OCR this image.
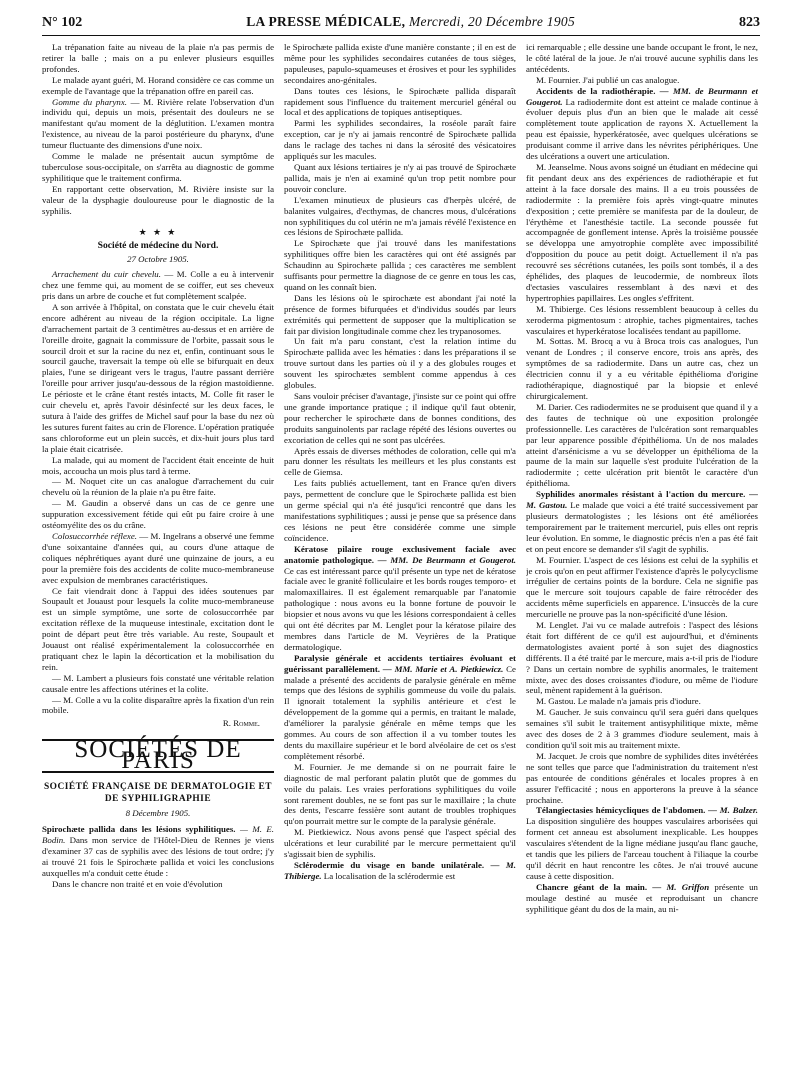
N° 102	LA PRESSE MÉDICALE, Mercredi, 20 Décembre 1905	823

La trépanation faite au niveau de la plaie n'a pas permis de retirer la balle ; mais on a pu enlever plusieurs esquilles profondes.

Le malade ayant guéri, M. Horand considère ce cas comme un exemple de l'avantage que la trépanation offre en pareil cas.

Gomme du pharynx. — M. Rivière relate l'observation d'un individu qui, depuis un mois, présentait des douleurs ne se manifestant qu'au moment de la déglutition. L'examen montra l'existence, au niveau de la paroi postérieure du pharynx, d'une tumeur fluctuante des dimensions d'une noix.

Comme le malade ne présentait aucun symptôme de tuberculose sous-occipitale, on s'arrêta au diagnostic de gomme syphilitique que le traitement confirma.

En rapportant cette observation, M. Rivière insiste sur la valeur de la dysphagie douloureuse pour le diagnostic de la syphilis.

★ ★ ★
Société de médecine du Nord.
27 Octobre 1905.

Arrachement du cuir chevelu. — M. Colle a eu à intervenir chez une femme qui, au moment de se coiffer, eut ses cheveux pris dans un arbre de couche et fut complètement scalpée.

A son arrivée à l'hôpital, on constata que le cuir chevelu était encore adhérent au niveau de la région occipitale. La ligne d'arrachement partait de 3 centimètres au-dessus et en arrière de l'oreille droite, gagnait la commissure de l'orbite, passait sous le sourcil droit et sur la racine du nez et, enfin, continuant sous le sourcil gauche, traversait la tempe où elle se bifurquait en deux plaies, l'une se dirigeant vers le tragus, l'autre passant derrière l'oreille pour arriver jusqu'au-dessous de la région mastoïdienne. Le périoste et le crâne étant restés intacts, M. Colle fit raser le cuir chevelu et, après l'avoir désinfecté sur les deux faces, le sutura à l'aide des griffes de Michel sauf pour la base du nez où les sutures furent faites au crin de Florence. L'opération pratiquée sans chloroforme eut un plein succès, et dix-huit jours plus tard la plaie était cicatrisée.

La malade, qui au moment de l'accident était enceinte de huit mois, accoucha un mois plus tard à terme.

— M. Noquet cite un cas analogue d'arrachement du cuir chevelu où la réunion de la plaie n'a pu être faite.

— M. Gaudin a observé dans un cas de ce genre une suppuration excessivement fétide qui eût pu faire croire à une ostéomyélite des os du crâne.

Colosuccorrhée réflexe. — M. Ingelrans a observé une femme d'une soixantaine d'années qui, au cours d'une attaque de coliques néphrétiques ayant duré une quinzaine de jours, a eu pour la première fois des accidents de colite muco-membraneuse avec expulsion de membranes caractéristiques.

Ce fait viendrait donc à l'appui des idées soutenues par Soupault et Jouaust pour lesquels la colite muco-membraneuse est un simple symptôme, une sorte de colosuccorrhée par excitation réflexe de la muqueuse intestinale, excitation dont le point de départ peut être très variable. Au reste, Soupault et Jouaust ont réalisé expérimentalement la colosuccorrhée en pratiquant chez le lapin la décortication et la mobilisation du rein.

— M. Lambert a plusieurs fois constaté une véritable relation causale entre les affections utérines et la colite.

— M. Colle a vu la colite disparaître après la fixation d'un rein mobile.

R. Romme.
SOCIÉTÉS DE PARIS
SOCIÉTÉ FRANÇAISE DE DERMATOLOGIE ET DE SYPHILIGRAPHIE
8 Décembre 1905.

Spirochæte pallida dans les lésions syphilitiques. — M. E. Bodin. Dans mon service de l'Hôtel-Dieu de Rennes je viens d'examiner 37 cas de syphilis avec des lésions de tout ordre; j'y ai trouvé 21 fois le Spirochæte pallida et voici les conclusions auxquelles m'a conduit cette étude :

Dans le chancre non traité et en voie d'évolution

le Spirochæte pallida existe d'une manière constante ; il en est de même pour les syphilides secondaires cutanées de tous sièges, papuleuses, papulo-squameuses et érosives et pour les syphilides secondaires ano-génitales.

Dans toutes ces lésions, le Spirochæte pallida disparaît rapidement sous l'influence du traitement mercuriel général ou local et des applications de topiques antiseptiques.

Parmi les syphilides secondaires, la roséole paraît faire exception, car je n'y ai jamais rencontré de Spirochæte pallida dans le raclage des taches ni dans la sérosité des vésicatoires appliqués sur les macules.

Quant aux lésions tertiaires je n'y ai pas trouvé de Spirochæte pallida, mais je n'en ai examiné qu'un trop petit nombre pour pouvoir conclure.

L'examen minutieux de plusieurs cas d'herpès ulcéré, de balanites vulgaires, d'ecthymas, de chancres mous, d'ulcérations non syphilitiques du col utérin ne m'a jamais révélé l'existence en ces lésions de Spirochæte pallida.

Le Spirochæte que j'ai trouvé dans les manifestations syphilitiques offre bien les caractères qui ont été assignés par Schaudinn au Spirochæte pallida ; ces caractères me semblent suffisants pour permettre la diagnose de ce genre en tous les cas, quand on les connaît bien.

Dans les lésions où le spirochæte est abondant j'ai noté la présence de formes bifurquées et d'individus soudés par leurs extrémités qui permettent de supposer que la multiplication se fait par division longitudinale comme chez les trypanosomes.

Un fait m'a paru constant, c'est la relation intime du Spirochæte pallida avec les hématies : dans les préparations il se trouve surtout dans les parties où il y a des globules rouges et souvent les spirochætes semblent comme appendus à ces globules.

Sans vouloir préciser d'avantage, j'insiste sur ce point qui offre une grande importance pratique ; il indique qu'il faut obtenir, pour rechercher le spirochæte dans de bonnes conditions, des produits sanguinolents par raclage répété des lésions ouvertes ou excoriation de celles qui ne sont pas ulcérées.

Après essais de diverses méthodes de coloration, celle qui m'a paru donner les résultats les meilleurs et les plus constants est celle de Giemsa.

Les faits publiés actuellement, tant en France qu'en divers pays, permettent de conclure que le Spirochæte pallida est bien un germe spécial qui n'a été jusqu'ici rencontré que dans les manifestations syphilitiques ; aussi je pense que sa présence dans ces lésions ne peut être considérée comme une simple coïncidence.

Kératose pilaire rouge exclusivement faciale avec anatomie pathologique. — MM. De Beurmann et Gougerot. Ce cas est intéressant parce qu'il présente un type net de kératose faciale avec le granité folliculaire et les bords rouges temporo- et malomaxillaires. Il est également remarquable par l'anatomie pathologique : nous avons eu la bonne fortune de pouvoir le biopsier et nous avons vu que les lésions correspondaient à celles qui ont été décrites par M. Lenglet pour la kératose pilaire des membres dans l'article de M. Veyrières de la Pratique dermatologique.

Paralysie générale et accidents tertiaires évoluant et guérissant parallèlement. — MM. Marie et A. Pietkiewicz. Ce malade a présenté des accidents de paralysie générale en même temps que des lésions de syphilis gommeuse du voile du palais. Il ignorait totalement la syphilis antérieure et c'est le développement de la gomme qui a permis, en traitant le malade, d'améliorer la paralysie générale en même temps que les gommes. Au cours de son affection il a vu tomber toutes les dents du maxillaire supérieur et le bord alvéolaire de cet os s'est complètement résorbé.

M. Fournier. Je me demande si on ne pourrait faire le diagnostic de mal perforant palatin plutôt que de gommes du voile du palais. Les vraies perforations syphilitiques du voile sont rarement doubles, ne se font pas sur le maxillaire ; la chute des dents, l'escarre fessière sont autant de troubles trophiques qu'on pourrait mettre sur le compte de la paralysie générale.

M. Pietkiewicz. Nous avons pensé que l'aspect spécial des ulcérations et leur curabilité par le mercure permettaient qu'il s'agissait bien de syphilis.

Sclérodermie du visage en bande unilatérale. — M. Thibierge. La localisation de la sclérodermie est

ici remarquable ; elle dessine une bande occupant le front, le nez, le côté latéral de la joue. Je n'ai trouvé aucune syphilis dans les antécédents.

M. Fournier. J'ai publié un cas analogue.

Accidents de la radiothérapie. — MM. de Beurmann et Gougerot. La radiodermite dont est atteint ce malade continue à évoluer depuis plus d'un an bien que le malade ait cessé complètement toute application de rayons X. Actuellement la peau est épaissie, hyperkératosée, avec quelques ulcérations se produisant comme il arrive dans les névrites périphériques. Une des ulcérations a ouvert une articulation.

M. Jeanselme. Nous avons soigné un étudiant en médecine qui fit pendant deux ans des expériences de radiothérapie et fut atteint à la face dorsale des mains. Il a eu trois poussées de radiodermite : la première fois après vingt-quatre minutes d'exposition ; cette première se manifesta par de la douleur, de l'érythème et l'anesthésie tactile. La seconde poussée fut accompagnée de gonflement intense. Après la troisième poussée se développa une amyotrophie complète avec impossibilité d'opposition du pouce au petit doigt. Actuellement il n'a pas recouvré ses sécrétions cutanées, les poils sont tombés, il a des éphélides, des plaques de leucodermie, de nombreux îlots d'ectasies vasculaires ressemblant à des nævi et des hypertrophies papillaires. Les ongles s'effritent.

M. Thibierge. Ces lésions ressemblent beaucoup à celles du xeroderma pigmentosum : atrophie, taches pigmentaires, taches vasculaires et hyperkératose localisées tendant au papillome.

M. Sottas. M. Brocq a vu à Broca trois cas analogues, l'un venant de Londres ; il conserve encore, trois ans après, des symptômes de sa radiodermite. Dans un autre cas, chez un électricien connu il y a eu véritable épithélioma d'origine radiothérapique, diagnostiqué par la biopsie et enlevé chirurgicalement.

M. Darier. Ces radiodermites ne se produisent que quand il y a des fautes de technique où une exposition prolongée professionnelle. Les caractères de l'ulcération sont remarquables par leur apparence possible d'épithélioma. Un de nos malades atteint d'arsénicisme a vu se développer un épithélioma de la paume de la main sur laquelle s'est produite l'ulcération de la radiodermite ; cette ulcération prit bientôt le caractère d'un épithélioma.

Syphilides anormales résistant à l'action du mercure. — M. Gastou. Le malade que voici a été traité successivement par plusieurs dermatologistes ; les lésions ont été améliorées temporairement par le traitement mercuriel, puis elles ont repris leur évolution. En somme, le diagnostic précis n'en a pas été fait et on peut encore se demander s'il s'agit de syphilis.

M. Fournier. L'aspect de ces lésions est celui de la syphilis et je crois qu'on en peut affirmer l'existence d'après le polycyclisme irrégulier de certains points de la bordure. Cela ne signifie pas que le mercure soit toujours capable de faire rétrocéder des accidents même superficiels en apparence. L'insuccès de la cure mercurielle ne prouve pas la non-spécificité d'une lésion.

M. Lenglet. J'ai vu ce malade autrefois : l'aspect des lésions était fort différent de ce qu'il est aujourd'hui, et d'éminents dermatologistes avaient porté à son sujet des diagnostics différents. Il a été traité par le mercure, mais a-t-il pris de l'iodure ? Dans un certain nombre de syphilis anormales, le traitement mixte, avec des doses croissantes d'iodure, ou même de l'iodure seul, mènent rapidement à la guérison.

M. Gastou. Le malade n'a jamais pris d'iodure.

M. Gaucher. Je suis convaincu qu'il sera guéri dans quelques semaines s'il subit le traitement antisyphilitique mixte, même avec des doses de 2 à 3 grammes d'iodure seulement, mais à condition qu'il soit mis au traitement mixte.

M. Jacquet. Je crois que nombre de syphilides dites invétérées ne sont telles que parce que l'administration du traitement n'est pas entourée de conditions générales et locales propres à en assurer l'efficacité ; nous en apporterons la preuve à la séance prochaine.

Télangiectasies hémicycliques de l'abdomen. — M. Balzer. La disposition singulière des houppes vasculaires arborisées qui forment cet anneau est absolument inexplicable. Les houppes vasculaires s'étendent de la ligne médiane jusqu'au flanc gauche, et tandis que les piliers de l'arceau touchent à l'iliaque la courbe qu'il décrit en haut rencontre les côtes. Je n'ai trouvé aucune cause à cette disposition.

Chancre géant de la main. — M. Griffon présente un moulage destiné au musée et reproduisant un chancre syphilitique géant du dos de la main, au ni-
